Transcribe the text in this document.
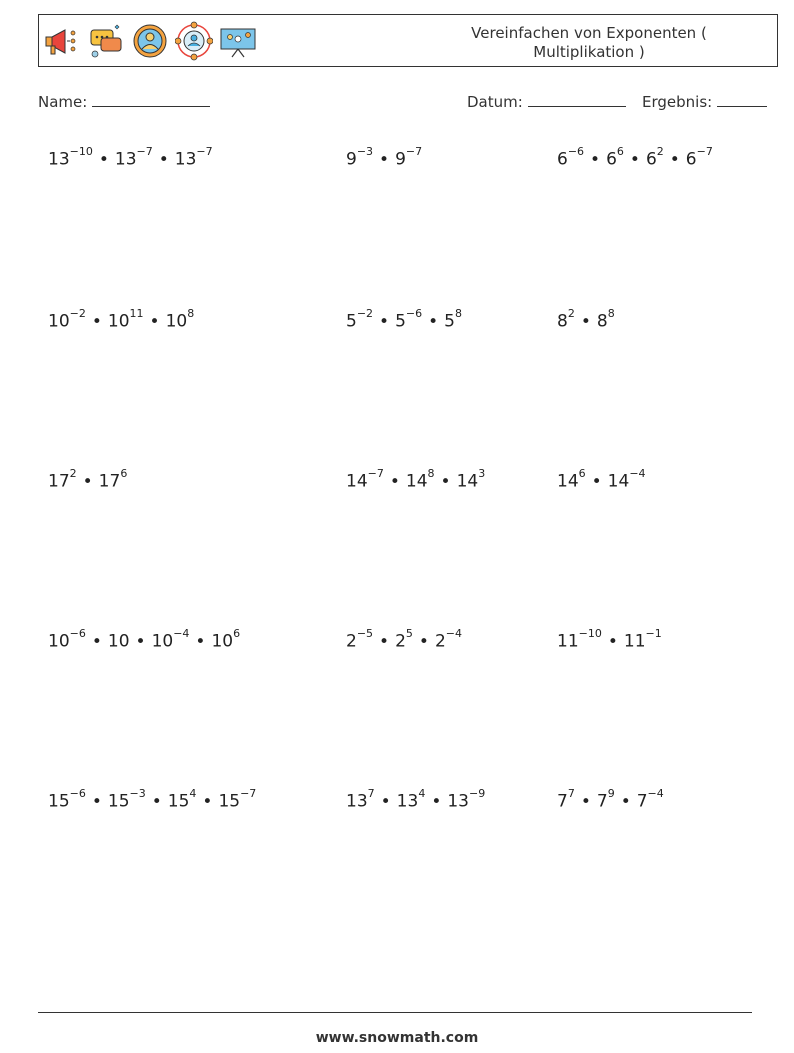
Vereinfachen von Exponenten (
Multiplikation )
Name:	Datum:	Ergebnis:
$13^{-10}$ • $13^{-7}$ • $13^{-7}$	$9^{-3}$ • $9^{-7}$	$6^{-6}$ • $6^6$ • $6^2$ • $6^{-7}$
$10^{-2}$ • $10^{11}$ • $10^8$	$5^{-2}$ • $5^{-6}$ • $5^8$	$8^2$ • $8^8$
$17^2$ • $17^6$	$14^{-7}$ • $14^8$ • $14^3$	$14^6$ • $14^{-4}$
$10^{-6}$ • 10 • $10^{-4}$ • $10^6$	$2^{-5}$ • $2^5$ • $2^{-4}$	$11^{-10}$ • $11^{-1}$
$15^{-6}$ • $15^{-3}$ • $15^4$ • $15^{-7}$	$13^7$ • $13^4$ • $13^{-9}$	$7^7$ • $7^9$ • $7^{-4}$
www.snowmath.com
